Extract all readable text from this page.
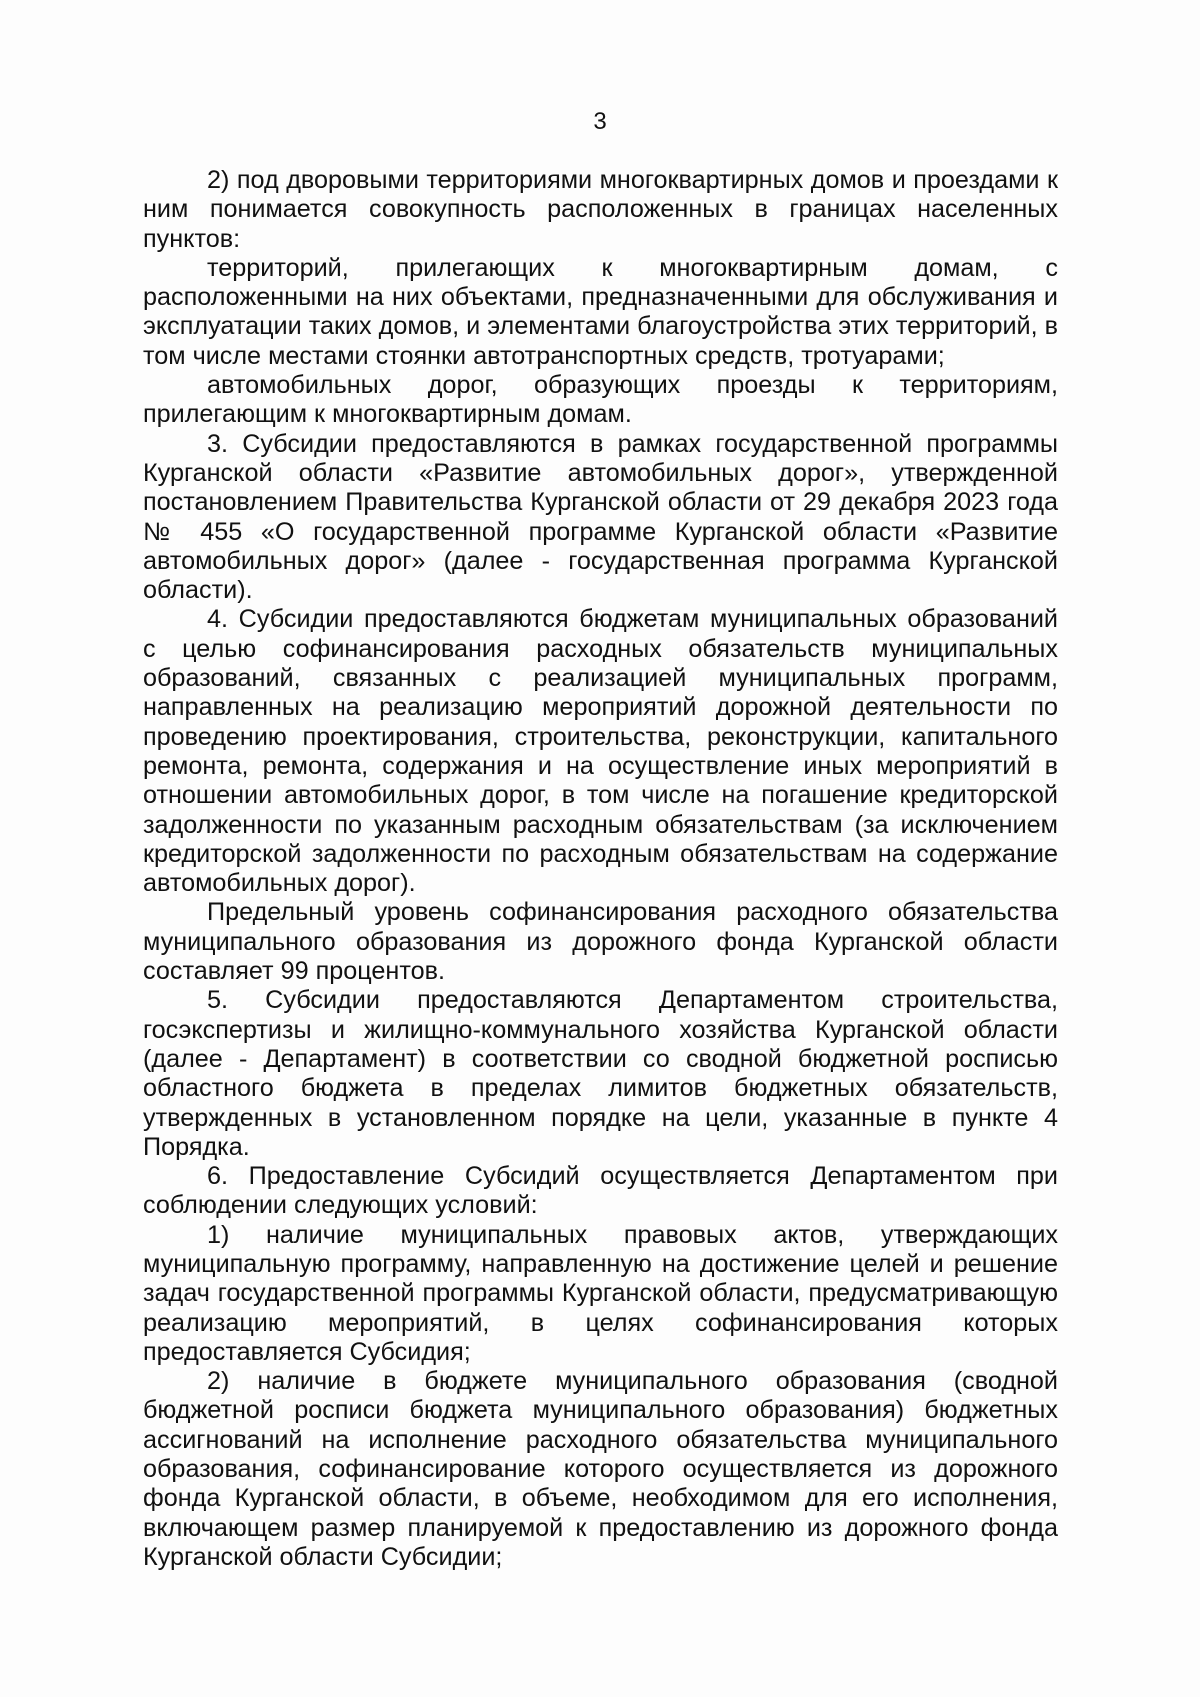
3

2) под дворовыми территориями многоквартирных домов и проездами к ним понимается совокупность расположенных в границах населенных пунктов:

территорий, прилегающих к многоквартирным домам, с расположенными на них объектами, предназначенными для обслуживания и эксплуатации таких домов, и элементами благоустройства этих территорий, в том числе местами стоянки автотранспортных средств, тротуарами;

автомобильных дорог, образующих проезды к территориям, прилегающим к многоквартирным домам.

3. Субсидии предоставляются в рамках государственной программы Курганской области «Развитие автомобильных дорог», утвержденной постановлением Правительства Курганской области от 29 декабря 2023 года № 455 «О государственной программе Курганской области «Развитие автомобильных дорог» (далее - государственная программа Курганской области).

4. Субсидии предоставляются бюджетам муниципальных образований с целью софинансирования расходных обязательств муниципальных образований, связанных с реализацией муниципальных программ, направленных на реализацию мероприятий дорожной деятельности по проведению проектирования, строительства, реконструкции, капитального ремонта, ремонта, содержания и на осуществление иных мероприятий в отношении автомобильных дорог, в том числе на погашение кредиторской задолженности по указанным расходным обязательствам (за исключением кредиторской задолженности по расходным обязательствам на содержание автомобильных дорог).

Предельный уровень софинансирования расходного обязательства муниципального образования из дорожного фонда Курганской области составляет 99 процентов.

5. Субсидии предоставляются Департаментом строительства, госэкспертизы и жилищно-коммунального хозяйства Курганской области (далее - Департамент) в соответствии со сводной бюджетной росписью областного бюджета в пределах лимитов бюджетных обязательств, утвержденных в установленном порядке на цели, указанные в пункте 4 Порядка.

6. Предоставление Субсидий осуществляется Департаментом при соблюдении следующих условий:

1) наличие муниципальных правовых актов, утверждающих муниципальную программу, направленную на достижение целей и решение задач государственной программы Курганской области, предусматривающую реализацию мероприятий, в целях софинансирования которых предоставляется Субсидия;

2) наличие в бюджете муниципального образования (сводной бюджетной росписи бюджета муниципального образования) бюджетных ассигнований на исполнение расходного обязательства муниципального образования, софинансирование которого осуществляется из дорожного фонда Курганской области, в объеме, необходимом для его исполнения, включающем размер планируемой к предоставлению из дорожного фонда Курганской области Субсидии;
